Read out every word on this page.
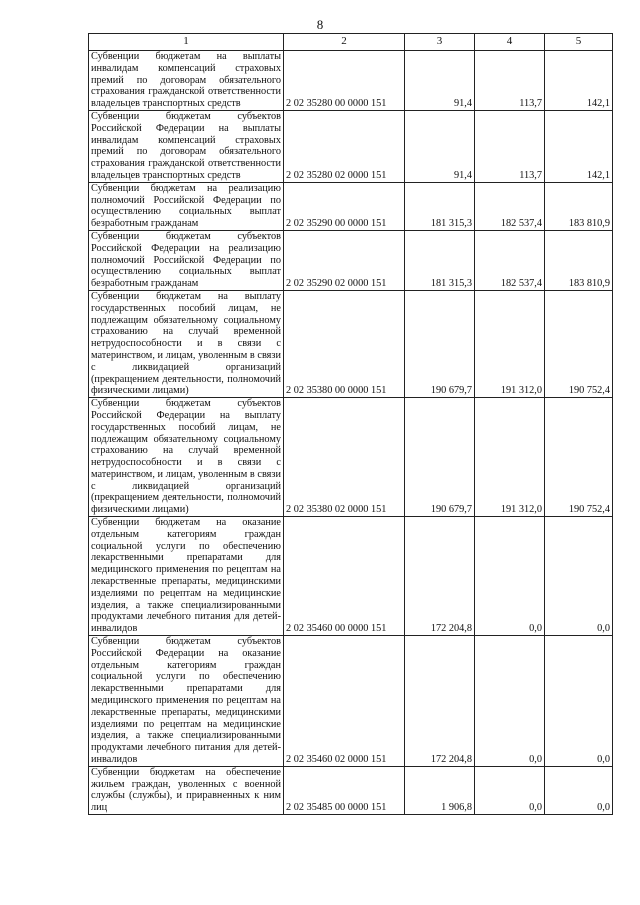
8
1	2	3	4	5
Субвенции бюджетам на выплаты инвалидам компенсаций страховых премий по договорам обязательного страхования гражданской ответственности владельцев транспортных средств	2 02 35280 00 0000 151	91,4	113,7	142,1
Субвенции бюджетам субъектов Российской Федерации на выплаты инвалидам компенсаций страховых премий по договорам обязательного страхования гражданской ответственности владельцев транспортных средств	2 02 35280 02 0000 151	91,4	113,7	142,1
Субвенции бюджетам на реализацию полномочий Российской Федерации по осуществлению социальных выплат безработным гражданам	2 02 35290 00 0000 151	181 315,3	182 537,4	183 810,9
Субвенции бюджетам субъектов Российской Федерации на реализацию полномочий Российской Федерации по осуществлению социальных выплат безработным гражданам	2 02 35290 02 0000 151	181 315,3	182 537,4	183 810,9
Субвенции бюджетам на выплату государственных пособий лицам, не подлежащим обязательному социальному страхованию на случай временной нетрудоспособности и в связи с материнством, и лицам, уволенным в связи с ликвидацией организаций (прекращением деятельности, полномочий физическими лицами)	2 02 35380 00 0000 151	190 679,7	191 312,0	190 752,4
Субвенции бюджетам субъектов Российской Федерации на выплату государственных пособий лицам, не подлежащим обязательному социальному страхованию на случай временной нетрудоспособности и в связи с материнством, и лицам, уволенным в связи с ликвидацией организаций (прекращением деятельности, полномочий физическими лицами)	2 02 35380 02 0000 151	190 679,7	191 312,0	190 752,4
Субвенции бюджетам на оказание отдельным категориям граждан социальной услуги по обеспечению лекарственными препаратами для медицинского применения по рецептам на лекарственные препараты, медицинскими изделиями по рецептам на медицинские изделия, а также специализированными продуктами лечебного питания для детей-инвалидов	2 02 35460 00 0000 151	172 204,8	0,0	0,0
Субвенции бюджетам субъектов Российской Федерации на оказание отдельным категориям граждан социальной услуги по обеспечению лекарственными препаратами для медицинского применения по рецептам на лекарственные препараты, медицинскими изделиями по рецептам на медицинские изделия, а также специализированными продуктами лечебного питания для детей-инвалидов	2 02 35460 02 0000 151	172 204,8	0,0	0,0
Субвенции бюджетам на обеспечение жильем граждан, уволенных с военной службы (службы), и приравненных к ним лиц	2 02 35485 00 0000 151	1 906,8	0,0	0,0
